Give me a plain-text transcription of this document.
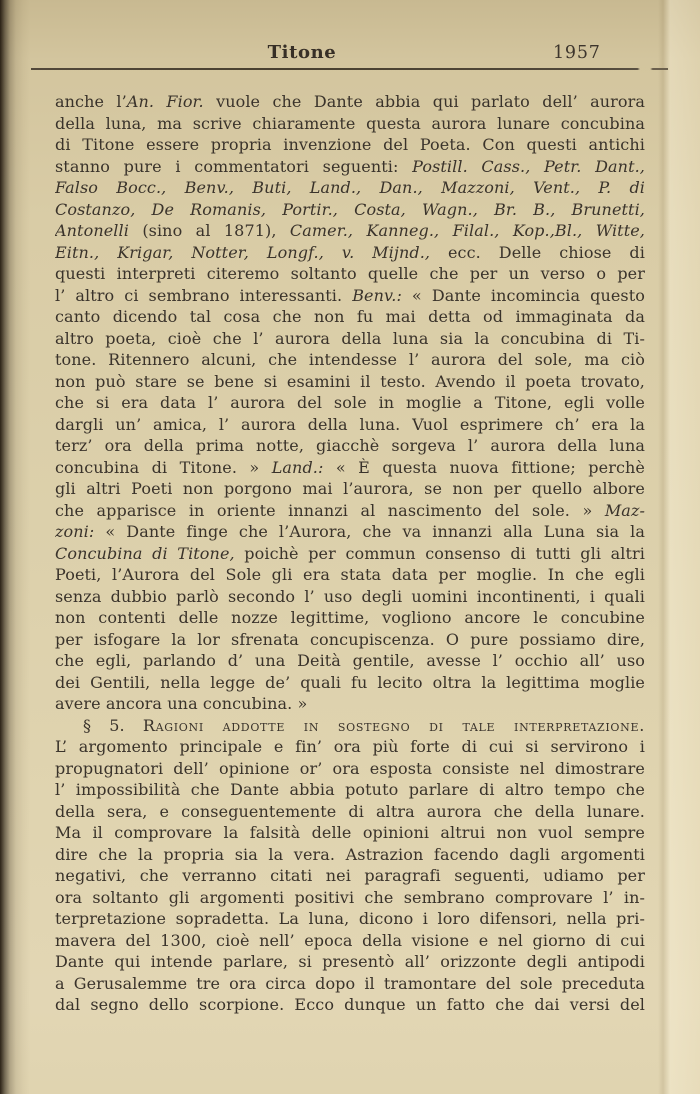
Titone	1957
anche l’An. Fior. vuole che Dante abbia qui parlato dell’ aurora
della luna, ma scrive chiaramente questa aurora lunare concubina
di Titone essere propria invenzione del Poeta. Con questi antichi
stanno pure i commentatori seguenti: Postill. Cass., Petr. Dant.,
Falso Bocc., Benv., Buti, Land., Dan., Mazzoni, Vent., P. di
Costanzo, De Romanis, Portir., Costa, Wagn., Br. B., Brunetti,
Antonelli (sino al 1871), Camer., Kanneg., Filal., Kop.,Bl., Witte,
Eitn., Krigar, Notter, Longf., v. Mijnd., ecc. Delle chiose di
questi interpreti citeremo soltanto quelle che per un verso o per
l’ altro ci sembrano interessanti. Benv.: « Dante incomincia questo
canto dicendo tal cosa che non fu mai detta od immaginata da
altro poeta, cioè che l’ aurora della luna sia la concubina di Ti-
tone. Ritennero alcuni, che intendesse l’ aurora del sole, ma ciò
non può stare se bene si esamini il testo. Avendo il poeta trovato,
che si era data l’ aurora del sole in moglie a Titone, egli volle
dargli un’ amica, l’ aurora della luna. Vuol esprimere ch’ era la
terz’ ora della prima notte, giacchè sorgeva l’ aurora della luna
concubina di Titone. » Land.: « È questa nuova fittione; perchè
gli altri Poeti non porgono mai l’aurora, se non per quello albore
che apparisce in oriente innanzi al nascimento del sole. » Maz-
zoni: « Dante finge che l’Aurora, che va innanzi alla Luna sia la
Concubina di Titone, poichè per commun consenso di tutti gli altri
Poeti, l’Aurora del Sole gli era stata data per moglie. In che egli
senza dubbio parlò secondo l’ uso degli uomini incontinenti, i quali
non contenti delle nozze legittime, vogliono ancore le concubine
per isfogare la lor sfrenata concupiscenza. O pure possiamo dire,
che egli, parlando d’ una Deità gentile, avesse l’ occhio all’ uso
dei Gentili, nella legge de’ quali fu lecito oltra la legittima moglie
avere ancora una concubina. »
§ 5. Ragioni addotte in sostegno di tale interpretazione.
L’ argomento principale e fin’ ora più forte di cui si servirono i
propugnatori dell’ opinione or’ ora esposta consiste nel dimostrare
l’ impossibilità che Dante abbia potuto parlare di altro tempo che
della sera, e conseguentemente di altra aurora che della lunare.
Ma il comprovare la falsità delle opinioni altrui non vuol sempre
dire che la propria sia la vera. Astrazion facendo dagli argomenti
negativi, che verranno citati nei paragrafi seguenti, udiamo per
ora soltanto gli argomenti positivi che sembrano comprovare l’ in-
terpretazione sopradetta. La luna, dicono i loro difensori, nella pri-
mavera del 1300, cioè nell’ epoca della visione e nel giorno di cui
Dante qui intende parlare, si presentò all’ orizzonte degli antipodi
a Gerusalemme tre ora circa dopo il tramontare del sole preceduta
dal segno dello scorpione. Ecco dunque un fatto che dai versi del
